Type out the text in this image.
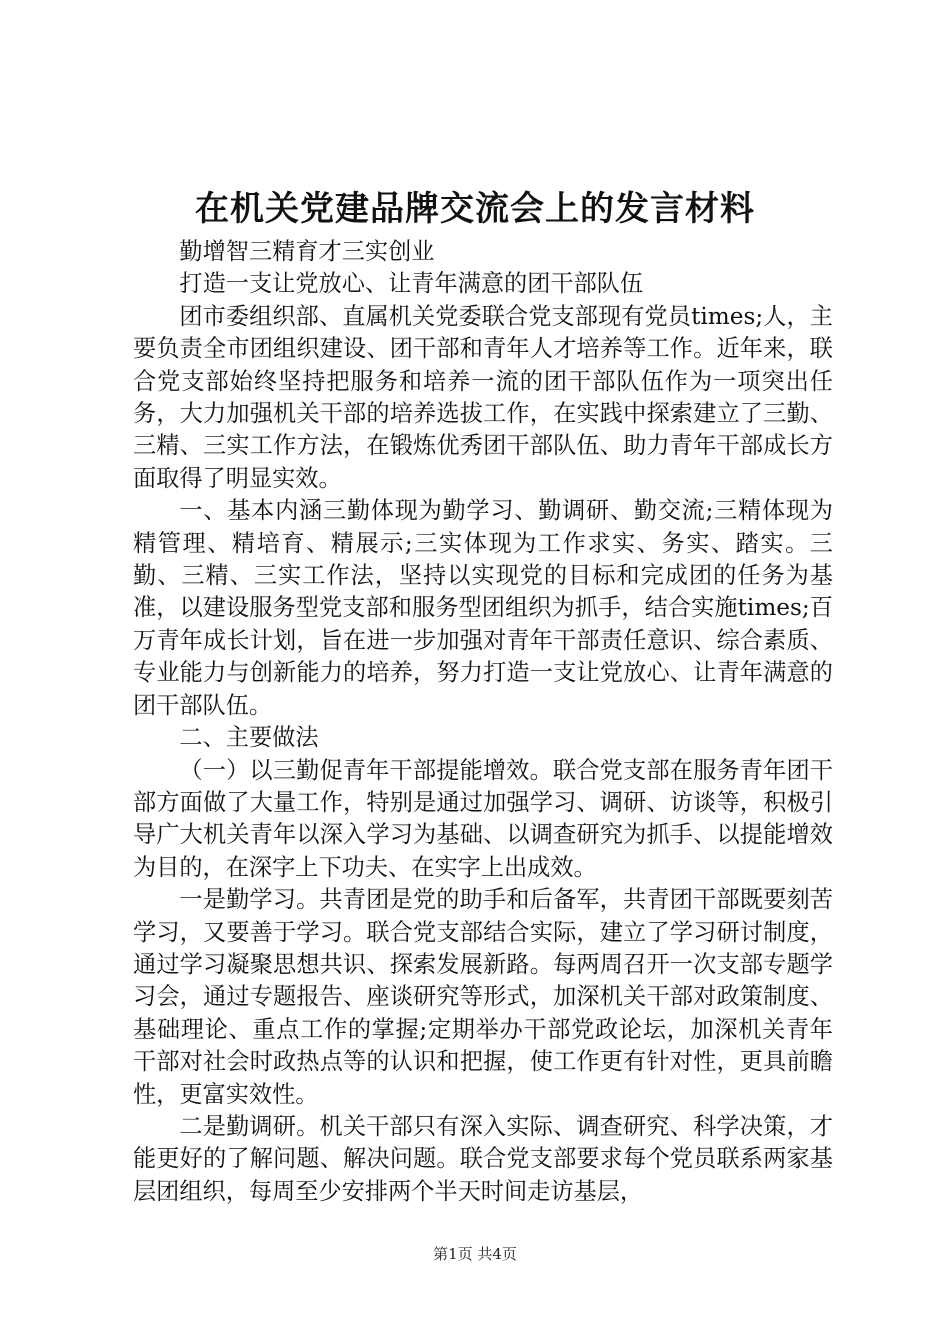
在机关党建品牌交流会上的发言材料

勤增智三精育才三实创业

打造一支让党放心、让青年满意的团干部队伍

团市委组织部、直属机关党委联合党支部现有党员times;人，主要负责全市团组织建设、团干部和青年人才培养等工作。近年来，联合党支部始终坚持把服务和培养一流的团干部队伍作为一项突出任务，大力加强机关干部的培养选拔工作，在实践中探索建立了三勤、三精、三实工作方法，在锻炼优秀团干部队伍、助力青年干部成长方面取得了明显实效。

一、基本内涵三勤体现为勤学习、勤调研、勤交流;三精体现为精管理、精培育、精展示;三实体现为工作求实、务实、踏实。三勤、三精、三实工作法，坚持以实现党的目标和完成团的任务为基准，以建设服务型党支部和服务型团组织为抓手，结合实施times;百万青年成长计划，旨在进一步加强对青年干部责任意识、综合素质、专业能力与创新能力的培养，努力打造一支让党放心、让青年满意的团干部队伍。

二、主要做法

（一）以三勤促青年干部提能增效。联合党支部在服务青年团干部方面做了大量工作，特别是通过加强学习、调研、访谈等，积极引导广大机关青年以深入学习为基础、以调查研究为抓手、以提能增效为目的，在深字上下功夫、在实字上出成效。

一是勤学习。共青团是党的助手和后备军，共青团干部既要刻苦学习，又要善于学习。联合党支部结合实际，建立了学习研讨制度，通过学习凝聚思想共识、探索发展新路。每两周召开一次支部专题学习会，通过专题报告、座谈研究等形式，加深机关干部对政策制度、基础理论、重点工作的掌握;定期举办干部党政论坛，加深机关青年干部对社会时政热点等的认识和把握，使工作更有针对性，更具前瞻性，更富实效性。

二是勤调研。机关干部只有深入实际、调查研究、科学决策，才能更好的了解问题、解决问题。联合党支部要求每个党员联系两家基层团组织，每周至少安排两个半天时间走访基层，

第1页 共4页
